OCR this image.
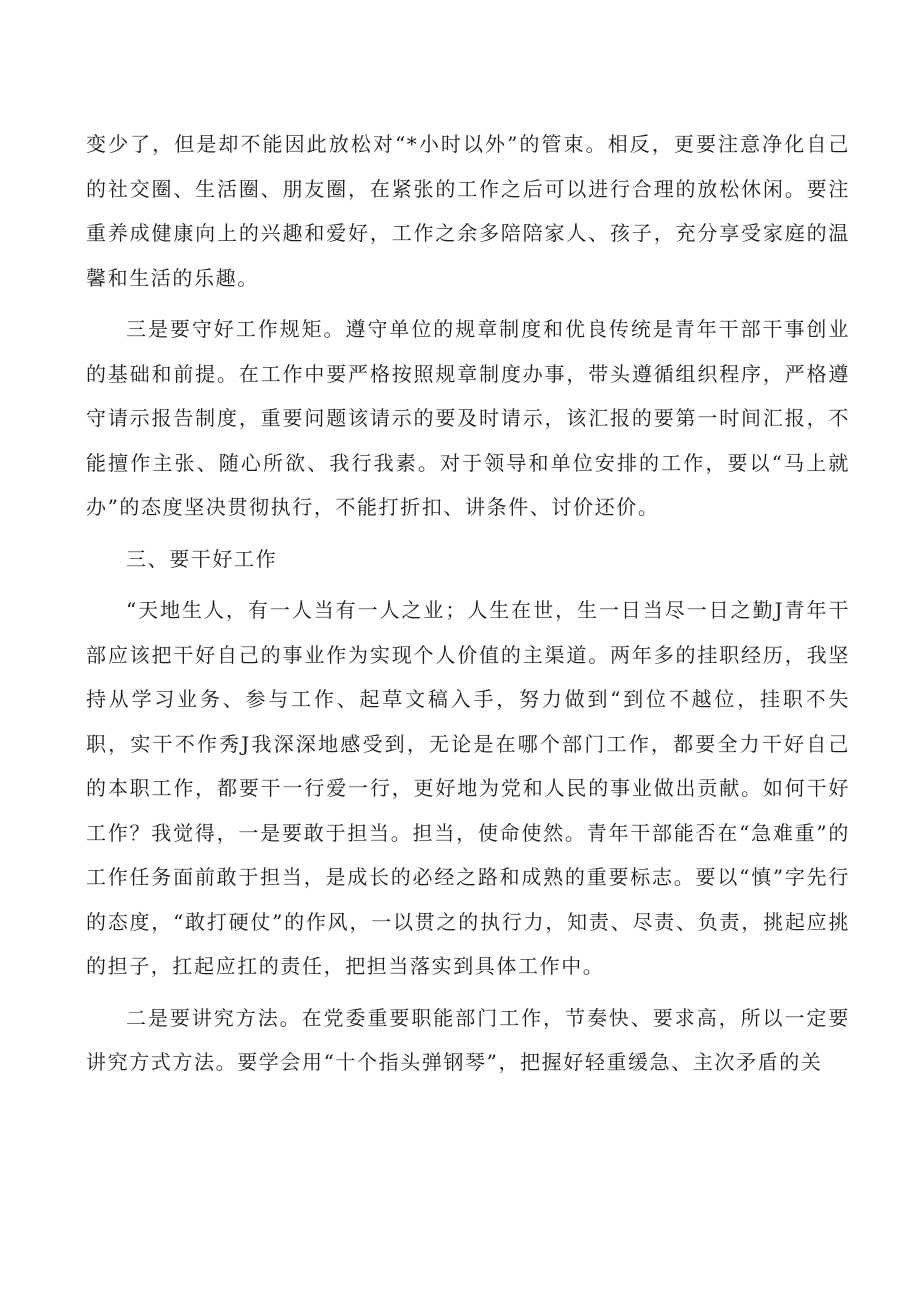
变少了，但是却不能因此放松对“*小时以外”的管束。相反，更要注意净化自己的社交圈、生活圈、朋友圈，在紧张的工作之后可以进行合理的放松休闲。要注重养成健康向上的兴趣和爱好，工作之余多陪陪家人、孩子，充分享受家庭的温馨和生活的乐趣。

三是要守好工作规矩。遵守单位的规章制度和优良传统是青年干部干事创业的基础和前提。在工作中要严格按照规章制度办事，带头遵循组织程序，严格遵守请示报告制度，重要问题该请示的要及时请示，该汇报的要第一时间汇报，不能擅作主张、随心所欲、我行我素。对于领导和单位安排的工作，要以“马上就办”的态度坚决贯彻执行，不能打折扣、讲条件、讨价还价。

三、要干好工作

“天地生人，有一人当有一人之业；人生在世，生一日当尽一日之勤J青年干部应该把干好自己的事业作为实现个人价值的主渠道。两年多的挂职经历，我坚持从学习业务、参与工作、起草文稿入手，努力做到“到位不越位，挂职不失职，实干不作秀J我深深地感受到，无论是在哪个部门工作，都要全力干好自己的本职工作，都要干一行爱一行，更好地为党和人民的事业做出贡献。如何干好工作？我觉得，一是要敢于担当。担当，使命使然。青年干部能否在“急难重”的工作任务面前敢于担当，是成长的必经之路和成熟的重要标志。要以“慎”字先行的态度，“敢打硬仗”的作风，一以贯之的执行力，知责、尽责、负责，挑起应挑的担子，扛起应扛的责任，把担当落实到具体工作中。

二是要讲究方法。在党委重要职能部门工作，节奏快、要求高，所以一定要讲究方式方法。要学会用“十个指头弹钢琴”，把握好轻重缓急、主次矛盾的关
